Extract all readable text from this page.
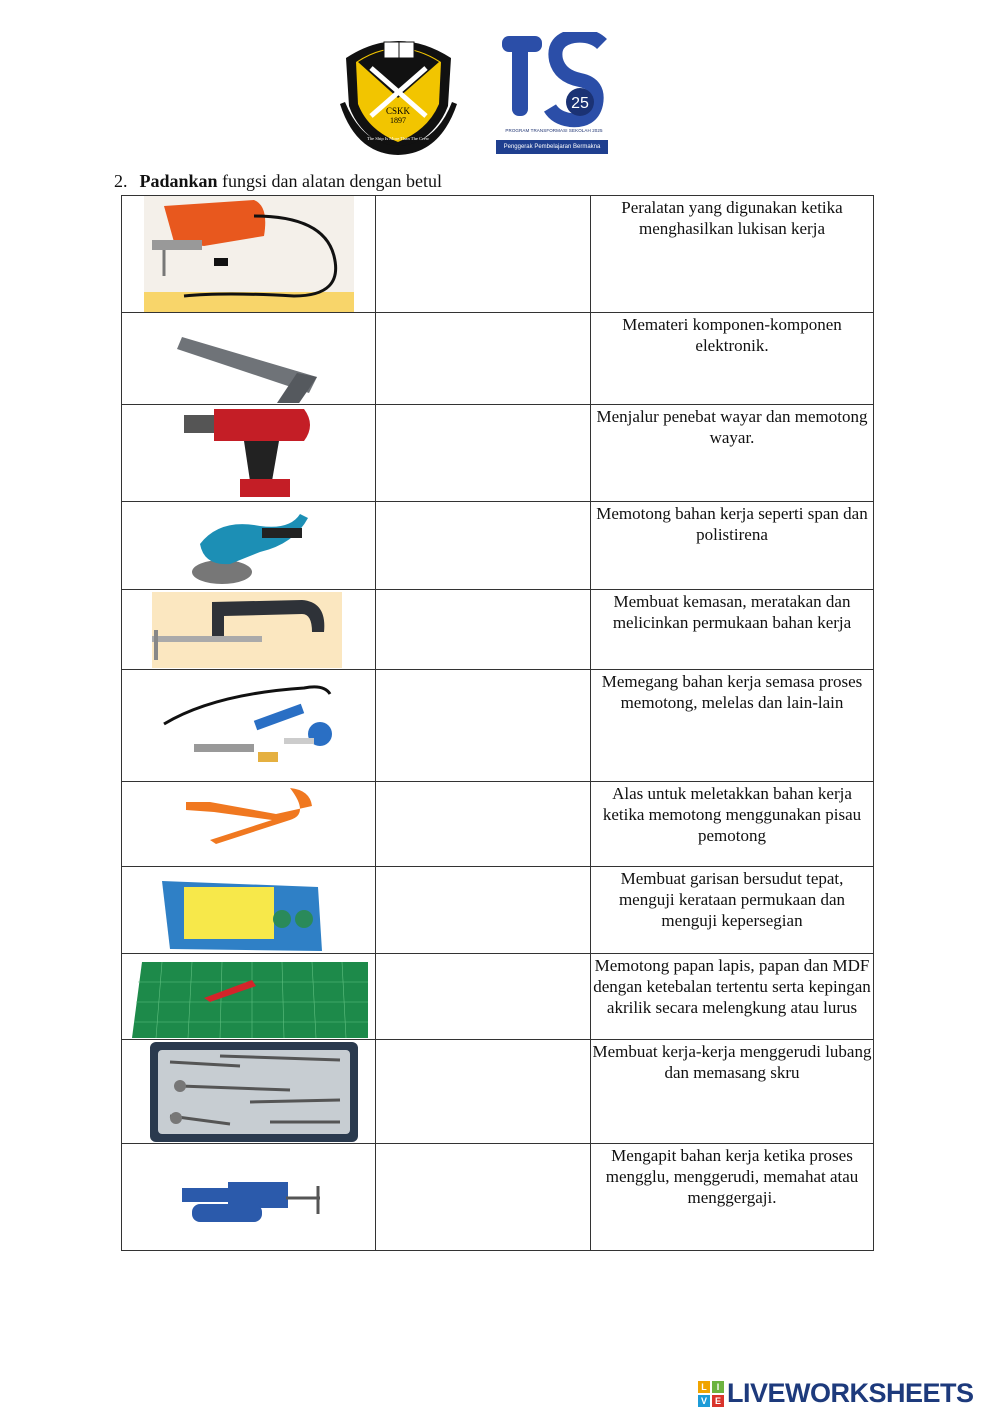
CSKK
1897
The Ship Is More Than The Crew
25
PROGRAM TRANSFORMASI SEKOLAH 2025
Penggerak Pembelajaran Bermakna
2. Padankan fungsi dan alatan dengan betul

Peralatan yang digunakan ketika menghasilkan lukisan kerja

Memateri komponen-komponen elektronik.

Menjalur penebat wayar dan memotong wayar.

Memotong bahan kerja seperti span dan polistirena

Membuat kemasan, meratakan dan melicinkan permukaan bahan kerja

Memegang bahan kerja semasa proses memotong, melelas dan lain-lain

Alas untuk meletakkan bahan kerja ketika memotong menggunakan pisau pemotong

Membuat garisan bersudut tepat, menguji kerataan permukaan dan menguji kepersegian

Memotong papan lapis, papan dan MDF dengan ketebalan tertentu serta kepingan akrilik secara melengkung atau lurus

Membuat kerja-kerja menggerudi lubang dan memasang skru

Mengapit bahan kerja ketika proses mengglu, menggerudi, memahat atau menggergaji.
L	I
V E LIVEWORKSHEETS
